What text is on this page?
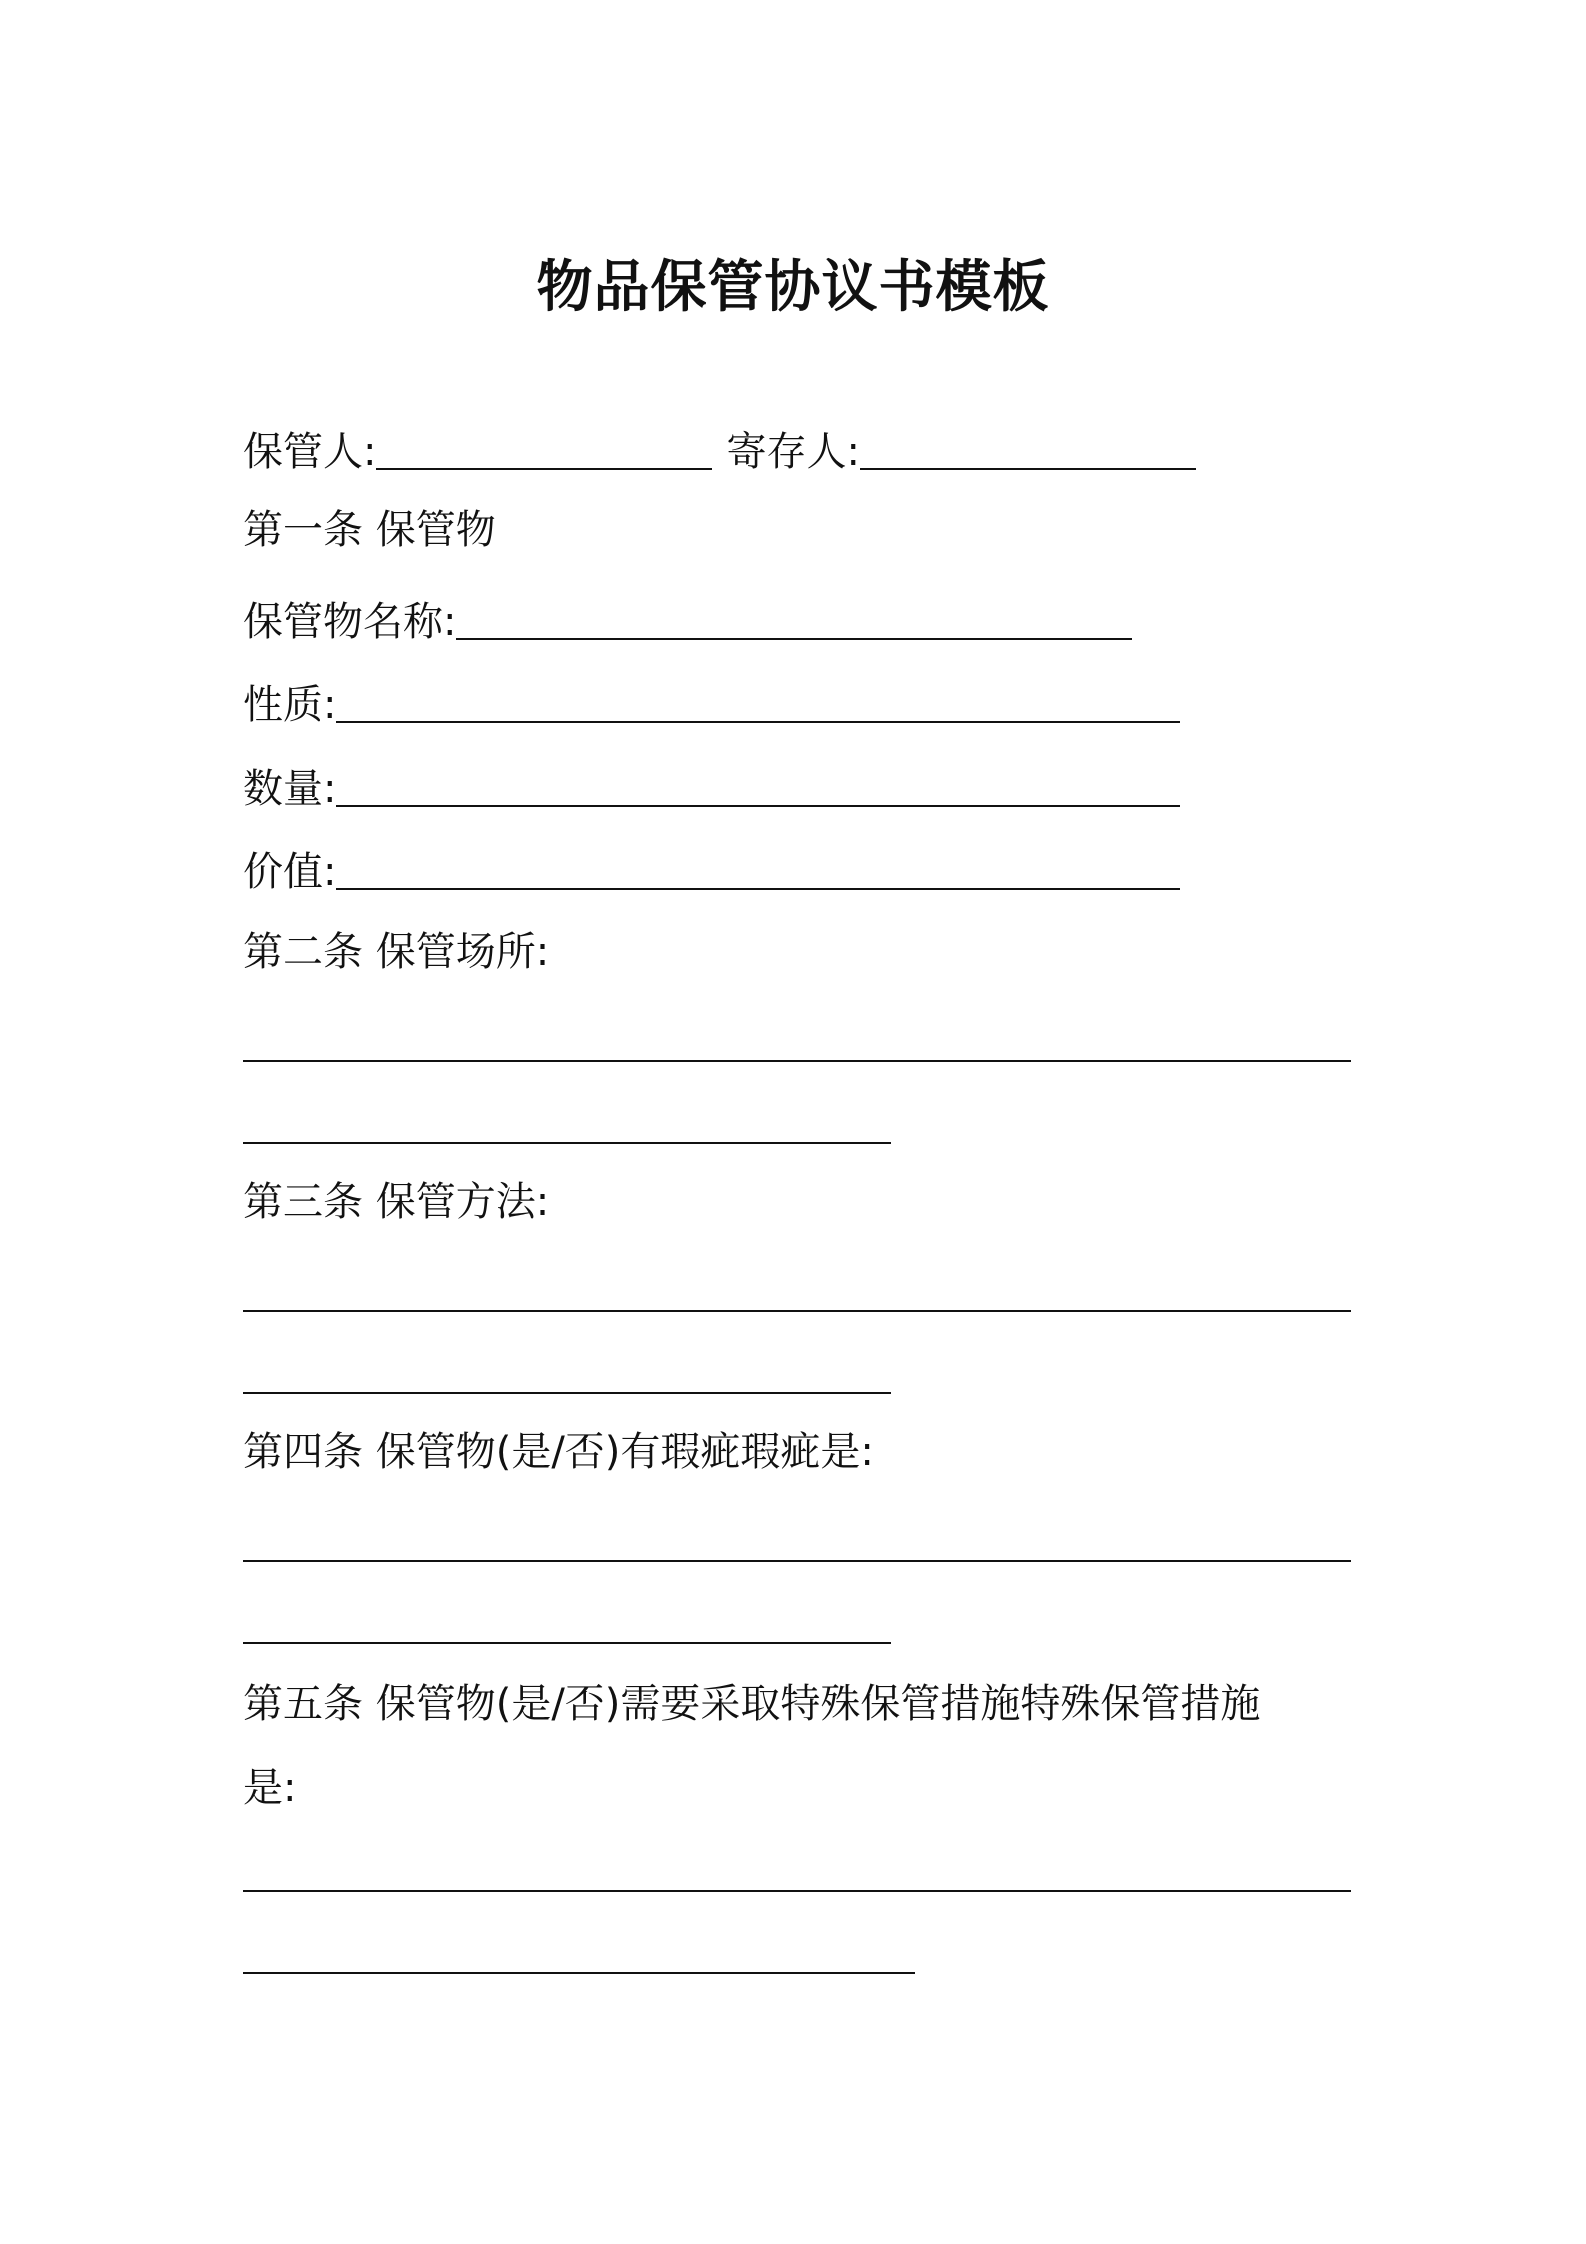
物品保管协议书模板
保管人:	寄存人:
第一条 保管物
保管物名称:
性质:
数量:
价值:
第二条 保管场所:
第三条 保管方法:
第四条 保管物(是/否)有瑕疵瑕疵是:
第五条 保管物(是/否)需要采取特殊保管措施特殊保管措施
是:
